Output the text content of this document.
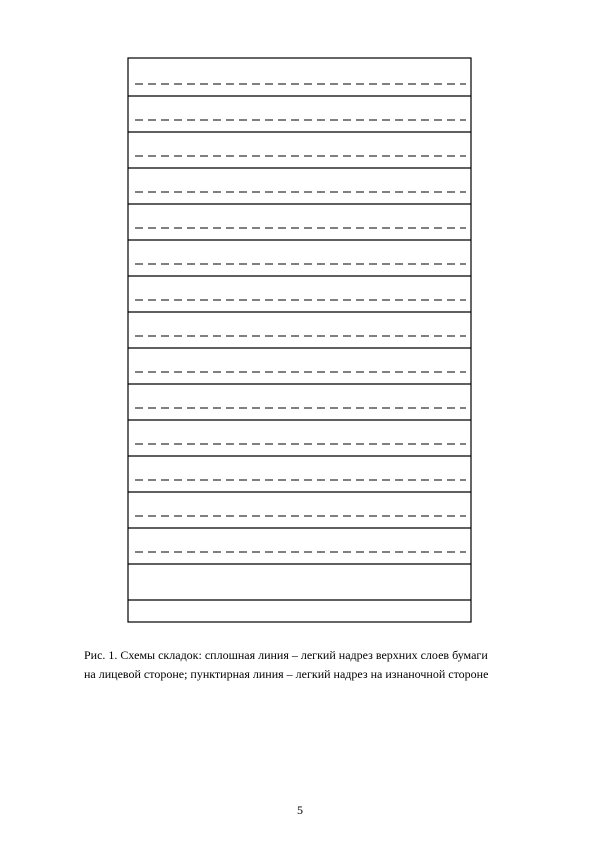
Рис. 1. Схемы складок: сплошная линия – легкий надрез верхних слоев бумаги
на лицевой стороне; пунктирная линия – легкий надрез на изнаночной стороне
5
